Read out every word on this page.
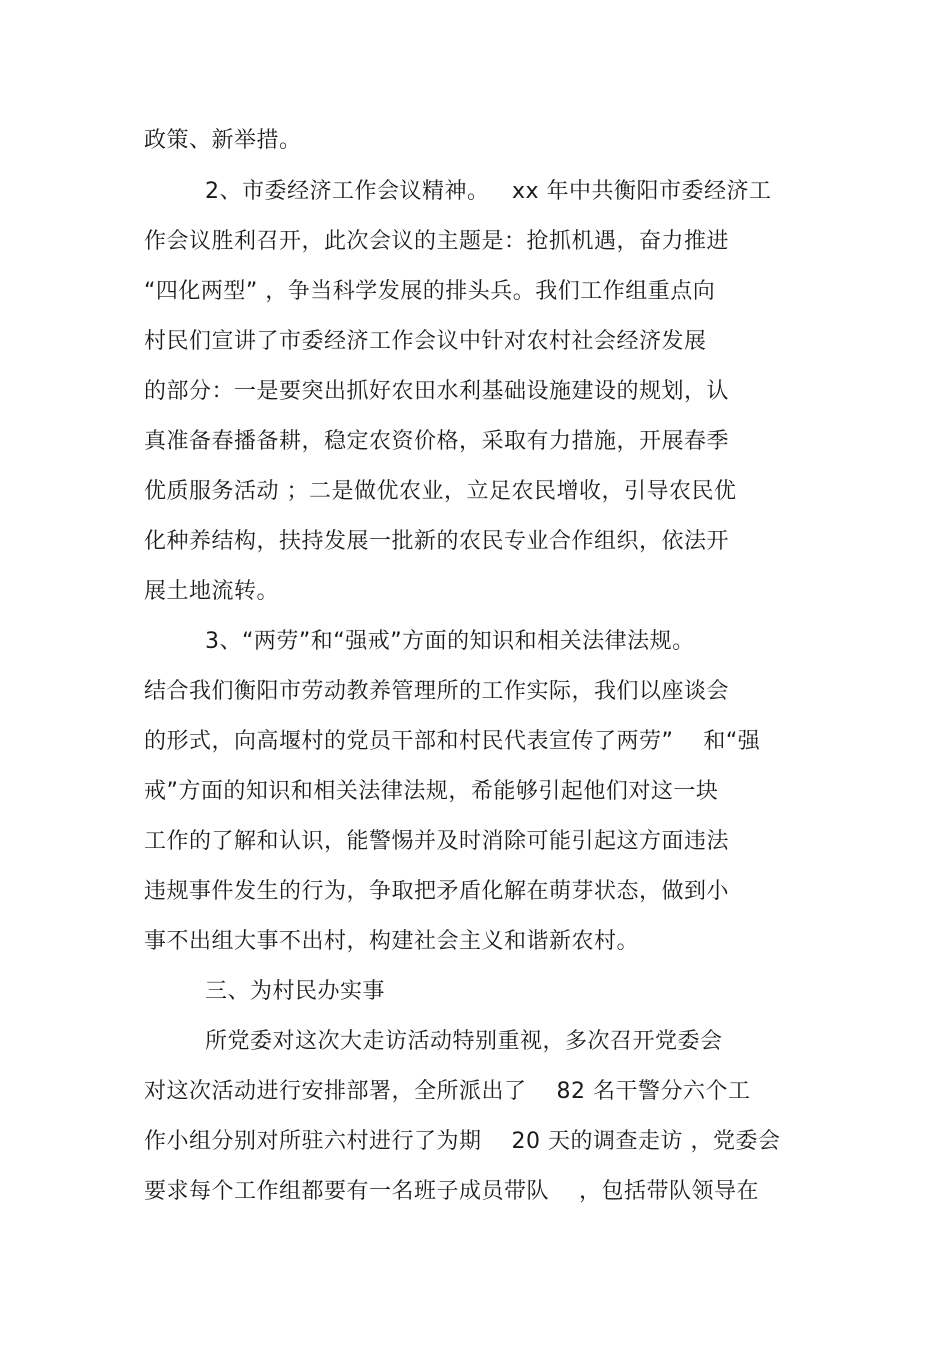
政策、新举措。
2、市委经济工作会议精神。   xx 年中共衡阳市委经济工
作会议胜利召开，此次会议的主题是：抢抓机遇，奋力推进
“四化两型” ，争当科学发展的排头兵。我们工作组重点向
村民们宣讲了市委经济工作会议中针对农村社会经济发展
的部分：一是要突出抓好农田水利基础设施建设的规划，认
真准备春播备耕，稳定农资价格，采取有力措施，开展春季
优质服务活动 ；二是做优农业，立足农民增收，引导农民优
化种养结构，扶持发展一批新的农民专业合作组织，依法开
展土地流转。
3、“两劳”和“强戒”方面的知识和相关法律法规。
结合我们衡阳市劳动教养管理所的工作实际，我们以座谈会
的形式，向高堰村的党员干部和村民代表宣传了两劳”    和“强
戒”方面的知识和相关法律法规，希能够引起他们对这一块
工作的了解和认识，能警惕并及时消除可能引起这方面违法
违规事件发生的行为，争取把矛盾化解在萌芽状态，做到小
事不出组大事不出村，构建社会主义和谐新农村。
三、为村民办实事
所党委对这次大走访活动特别重视，多次召开党委会
对这次活动进行安排部署，全所派出了    82 名干警分六个工
作小组分别对所驻六村进行了为期    20 天的调查走访 ，党委会
要求每个工作组都要有一名班子成员带队    ，包括带队领导在
